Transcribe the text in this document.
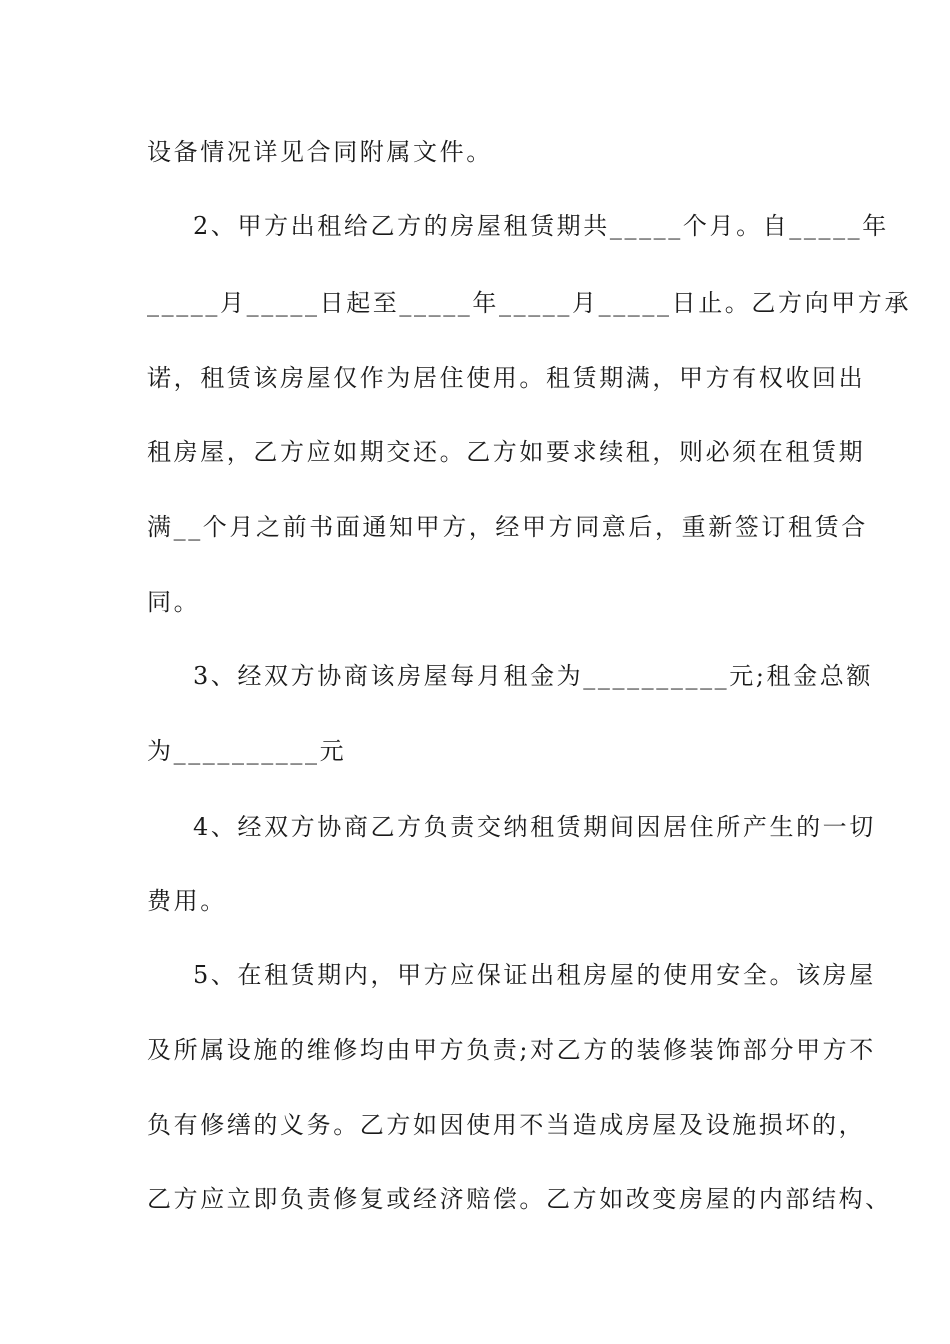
设备情况详见合同附属文件。
2、甲方出租给乙方的房屋租赁期共_____个月。自_____年
_____月_____日起至_____年_____月_____日止。乙方向甲方承
诺，租赁该房屋仅作为居住使用。租赁期满，甲方有权收回出
租房屋，乙方应如期交还。乙方如要求续租，则必须在租赁期
满__个月之前书面通知甲方，经甲方同意后，重新签订租赁合
同。
3、经双方协商该房屋每月租金为__________元;租金总额
为__________元
4、经双方协商乙方负责交纳租赁期间因居住所产生的一切
费用。
5、在租赁期内，甲方应保证出租房屋的使用安全。该房屋
及所属设施的维修均由甲方负责;对乙方的装修装饰部分甲方不
负有修缮的义务。乙方如因使用不当造成房屋及设施损坏的，
乙方应立即负责修复或经济赔偿。乙方如改变房屋的内部结构、
